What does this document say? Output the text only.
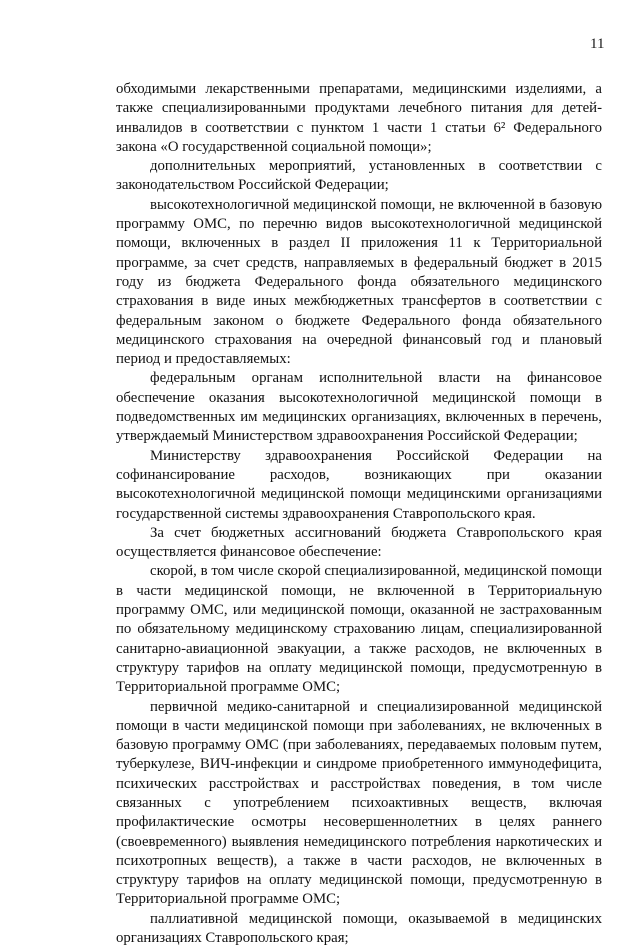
11

обходимыми лекарственными препаратами, медицинскими изделиями, а также специализированными продуктами лечебного питания для детей-инвалидов в соответствии с пунктом 1 части 1 статьи 6² Федерального закона «О государственной социальной помощи»;

дополнительных мероприятий, установленных в соответствии с законодательством Российской Федерации;

высокотехнологичной медицинской помощи, не включенной в базовую программу ОМС, по перечню видов высокотехнологичной медицинской помощи, включенных в раздел II приложения 11 к Территориальной программе, за счет средств, направляемых в федеральный бюджет в 2015 году из бюджета Федерального фонда обязательного медицинского страхования в виде иных межбюджетных трансфертов в соответствии с федеральным законом о бюджете Федерального фонда обязательного медицинского страхования на очередной финансовый год и плановый период и предоставляемых:

федеральным органам исполнительной власти на финансовое обеспечение оказания высокотехнологичной медицинской помощи в подведомственных им медицинских организациях, включенных в перечень, утверждаемый Министерством здравоохранения Российской Федерации;

Министерству здравоохранения Российской Федерации на софинансирование расходов, возникающих при оказании высокотехнологичной медицинской помощи медицинскими организациями государственной системы здравоохранения Ставропольского края.

За счет бюджетных ассигнований бюджета Ставропольского края осуществляется финансовое обеспечение:

скорой, в том числе скорой специализированной, медицинской помощи в части медицинской помощи, не включенной в Территориальную программу ОМС, или медицинской помощи, оказанной не застрахованным по обязательному медицинскому страхованию лицам, специализированной санитарно-авиационной эвакуации, а также расходов, не включенных в структуру тарифов на оплату медицинской помощи, предусмотренную в Территориальной программе ОМС;

первичной медико-санитарной и специализированной медицинской помощи в части медицинской помощи при заболеваниях, не включенных в базовую программу ОМС (при заболеваниях, передаваемых половым путем, туберкулезе, ВИЧ-инфекции и синдроме приобретенного иммунодефицита, психических расстройствах и расстройствах поведения, в том числе связанных с употреблением психоактивных веществ, включая профилактические осмотры несовершеннолетних в целях раннего (своевременного) выявления немедицинского потребления наркотических и психотропных веществ), а также в части расходов, не включенных в структуру тарифов на оплату медицинской помощи, предусмотренную в Территориальной программе ОМС;

паллиативной медицинской помощи, оказываемой в медицинских организациях Ставропольского края;
